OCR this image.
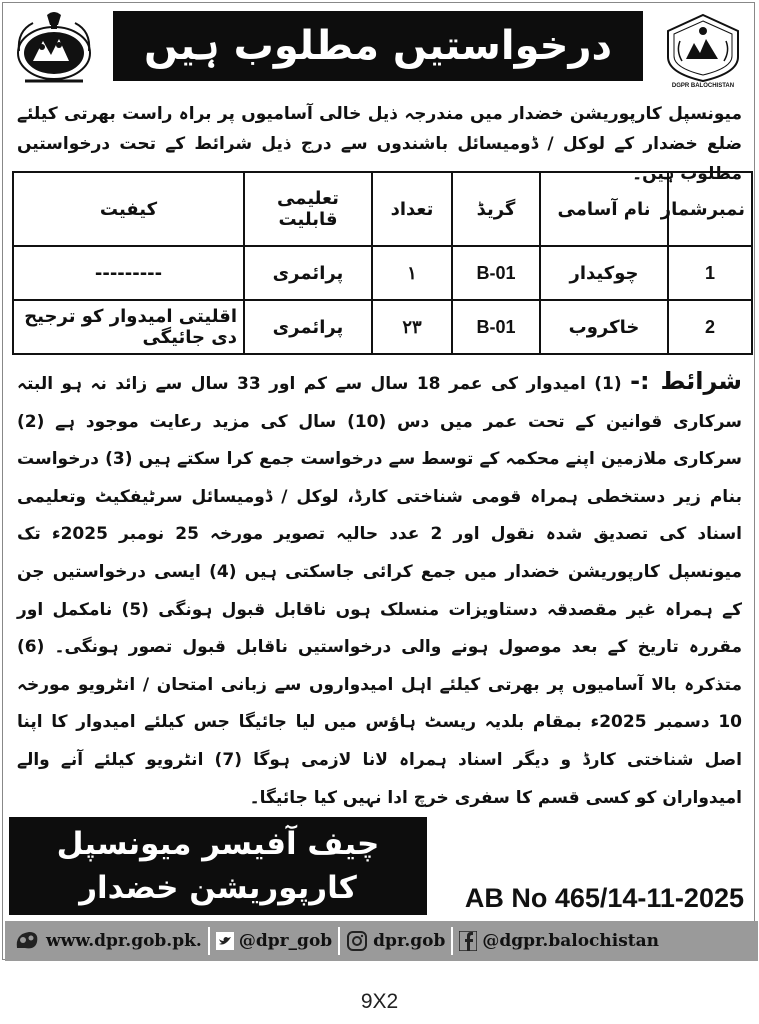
درخواستیں مطلوب ہیں
DGPR BALOCHISTAN
میونسپل کارپوریشن خضدار میں مندرجہ ذیل خالی آسامیوں پر براہ راست بھرتی کیلئے ضلع خضدار کے لوکل / ڈومیسائل باشندوں سے درج ذیل شرائط کے تحت درخواستیں مطلوب ہیں۔
نمبرشمار	نام آسامی	گریڈ	تعداد	تعلیمی قابلیت	کیفیت
1	چوکیدار	B-01	۱	پرائمری	---------
2	خاکروب	B-01	۲۳	پرائمری	اقلیتی امیدوار کو ترجیح دی جائیگی
شرائط :- (1) امیدوار کی عمر 18 سال سے کم اور 33 سال سے زائد نہ ہو البتہ سرکاری قوانین کے تحت عمر میں دس (10) سال کی مزید رعایت موجود ہے (2) سرکاری ملازمین اپنے محکمہ کے توسط سے درخواست جمع کرا سکتے ہیں (3) درخواست بنام زیر دستخطی ہمراہ قومی شناختی کارڈ، لوکل / ڈومیسائل سرٹیفکیٹ وتعلیمی اسناد کی تصدیق شدہ نقول اور 2 عدد حالیہ تصویر مورخہ 25 نومبر 2025ء تک میونسپل کارپوریشن خضدار میں جمع کرائی جاسکتی ہیں (4) ایسی درخواستیں جن کے ہمراہ غیر مقصدقہ دستاویزات منسلک ہوں ناقابل قبول ہونگی (5) نامکمل اور مقررہ تاریخ کے بعد موصول ہونے والی درخواستیں ناقابل قبول تصور ہونگی۔ (6) متذکرہ بالا آسامیوں پر بھرتی کیلئے اہل امیدواروں سے زبانی امتحان / انٹرویو مورخہ 10 دسمبر 2025ء بمقام بلدیہ ریسٹ ہاؤس میں لیا جائیگا جس کیلئے امیدوار کا اپنا اصل شناختی کارڈ و دیگر اسناد ہمراہ لانا لازمی ہوگا (7) انٹرویو کیلئے آنے والے امیدواران کو کسی قسم کا سفری خرچ ادا نہیں کیا جائیگا۔
چیف آفیسر میونسپل
کارپوریشن خضدار	AB No 465/14-11-2025
www.dpr.gob.pk. @dpr_gob dpr.gob @dgpr.balochistan
9X2
